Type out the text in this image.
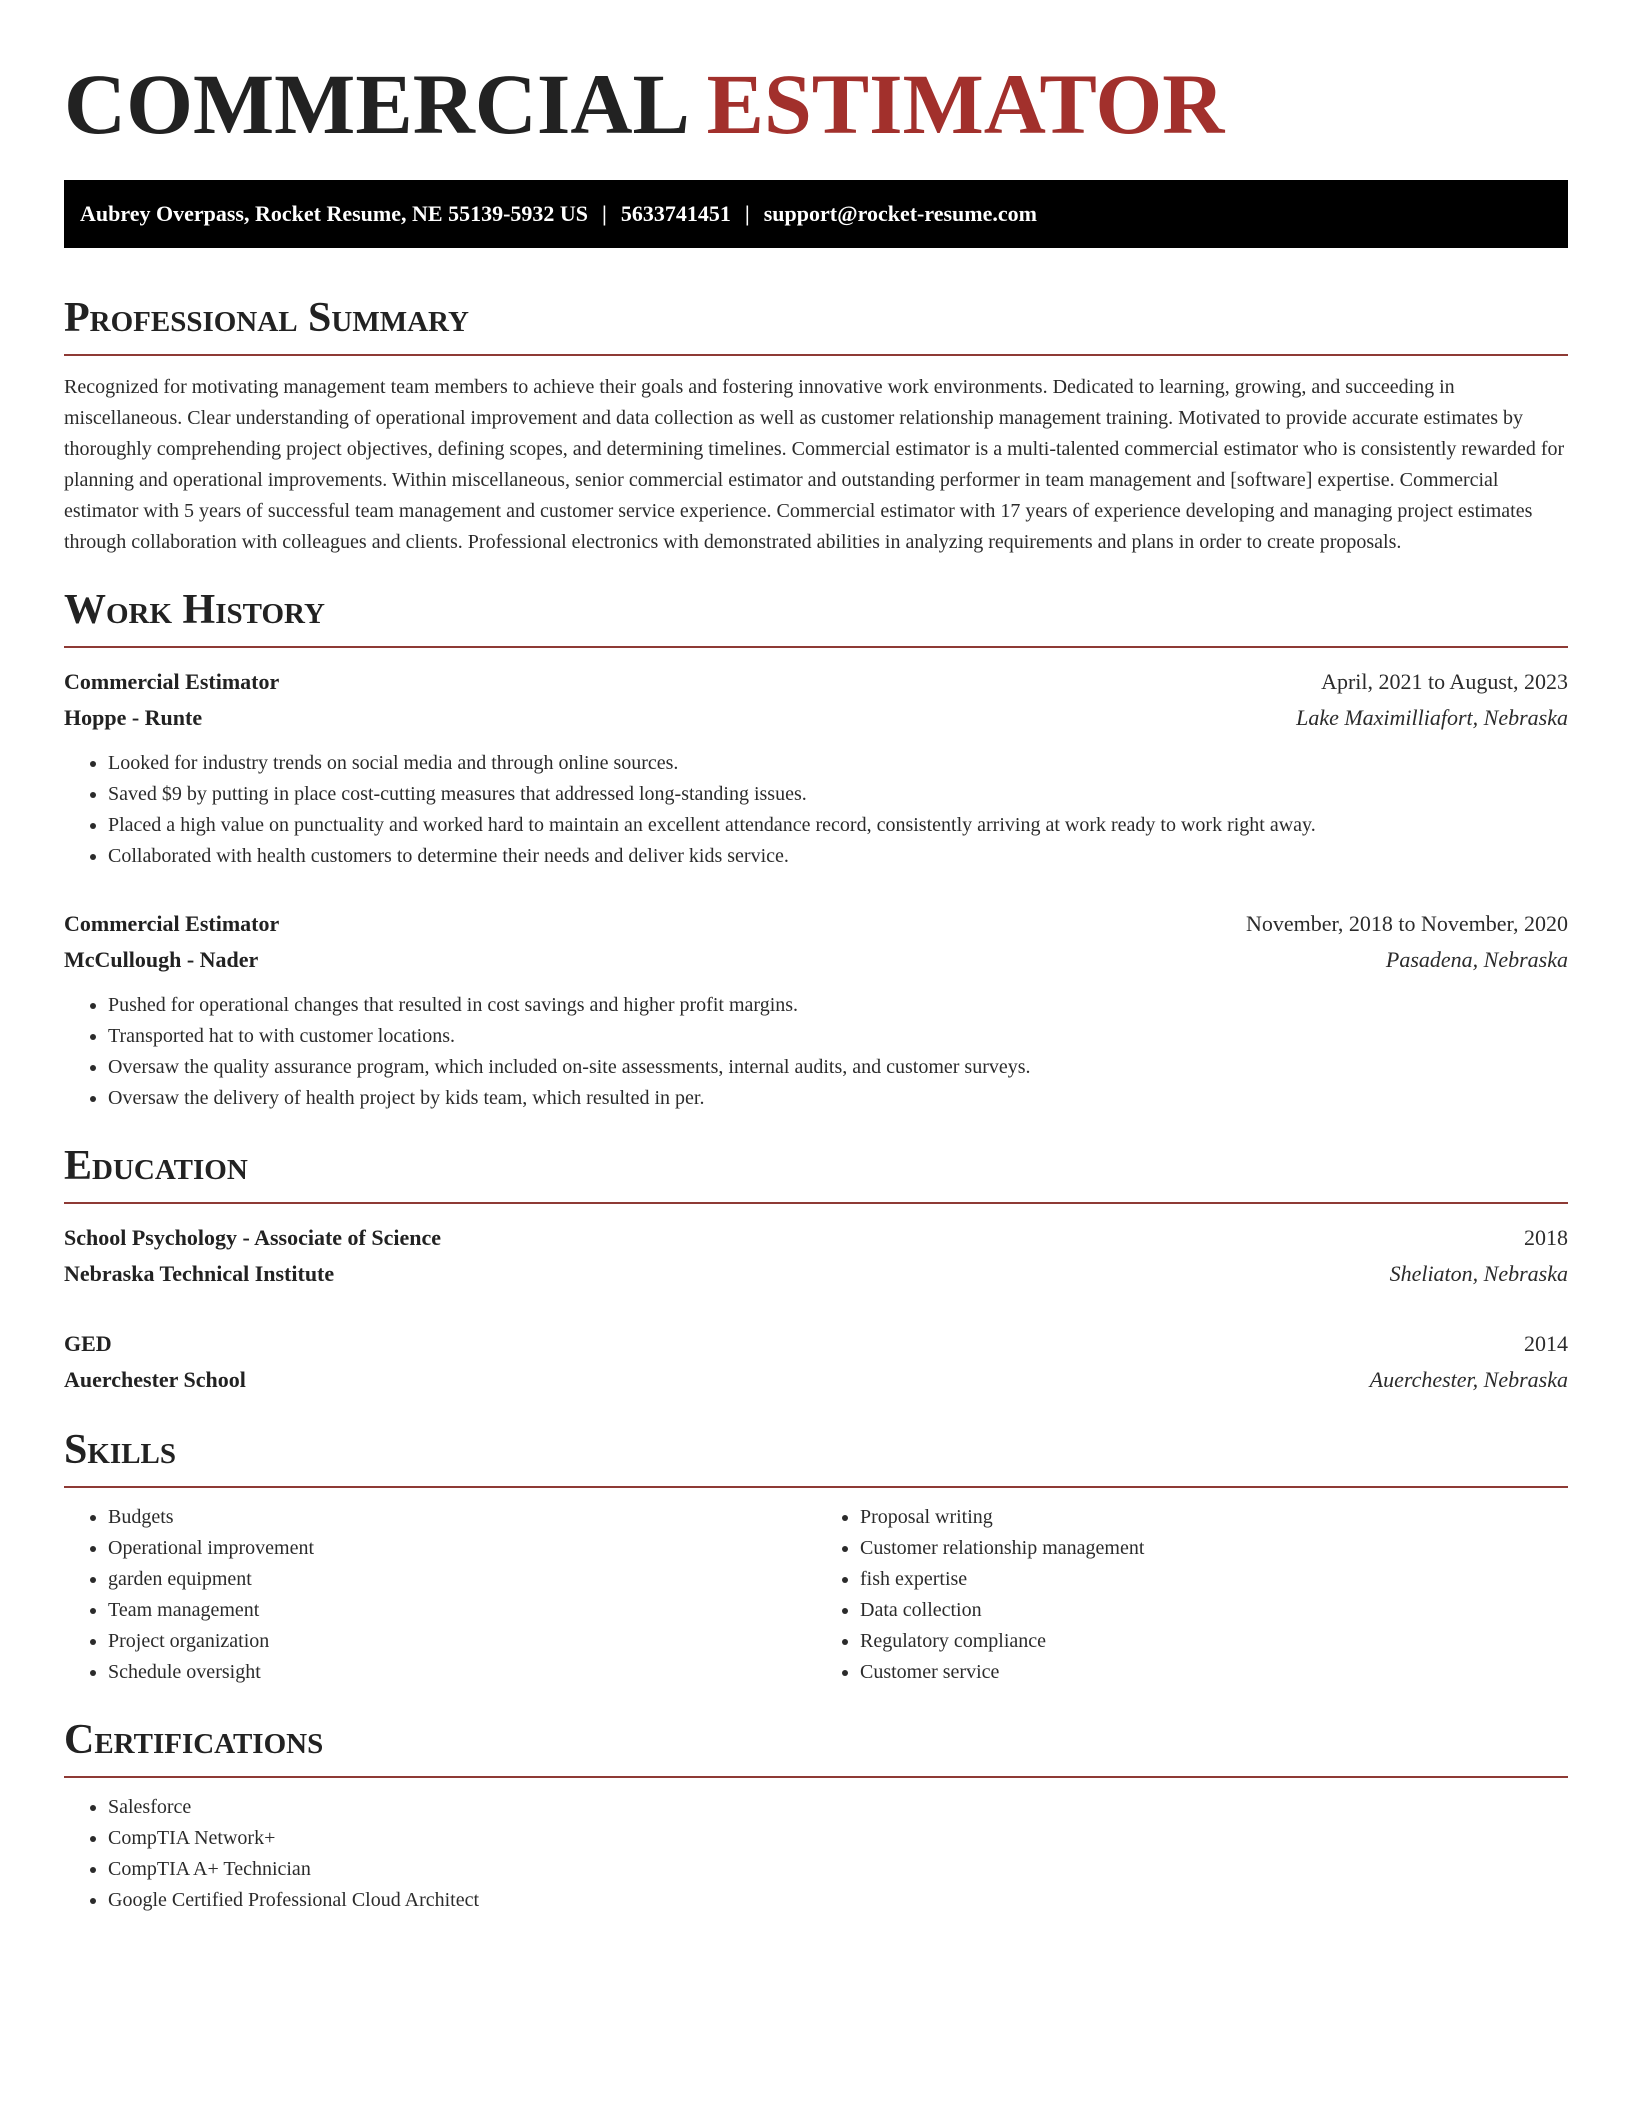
COMMERCIAL ESTIMATOR
Aubrey Overpass, Rocket Resume, NE 55139-5932 US | 5633741451 | support@rocket-resume.com
Professional Summary

Recognized for motivating management team members to achieve their goals and fostering innovative work environments. Dedicated to learning, growing, and succeeding in miscellaneous. Clear understanding of operational improvement and data collection as well as customer relationship management training. Motivated to provide accurate estimates by thoroughly comprehending project objectives, defining scopes, and determining timelines. Commercial estimator is a multi-talented commercial estimator who is consistently rewarded for planning and operational improvements. Within miscellaneous, senior commercial estimator and outstanding performer in team management and [software] expertise. Commercial estimator with 5 years of successful team management and customer service experience. Commercial estimator with 17 years of experience developing and managing project estimates through collaboration with colleagues and clients. Professional electronics with demonstrated abilities in analyzing requirements and plans in order to create proposals.

Work History
Commercial Estimator	April, 2021 to August, 2023
Hoppe - Runte	Lake Maximilliafort, Nebraska
• Looked for industry trends on social media and through online sources.
• Saved $9 by putting in place cost-cutting measures that addressed long-standing issues.
• Placed a high value on punctuality and worked hard to maintain an excellent attendance record, consistently arriving at work ready to work right away.
• Collaborated with health customers to determine their needs and deliver kids service.
Commercial Estimator	November, 2018 to November, 2020
McCullough - Nader	Pasadena, Nebraska
• Pushed for operational changes that resulted in cost savings and higher profit margins.
• Transported hat to with customer locations.
• Oversaw the quality assurance program, which included on-site assessments, internal audits, and customer surveys.
• Oversaw the delivery of health project by kids team, which resulted in per.
Education
School Psychology - Associate of Science	2018
Nebraska Technical Institute	Sheliaton, Nebraska
GED	2014
Auerchester School	Auerchester, Nebraska
Skills
• Budgets
• Operational improvement
• garden equipment
• Team management
• Project organization
• Schedule oversight
• Proposal writing
• Customer relationship management
• fish expertise
• Data collection
• Regulatory compliance
• Customer service
Certifications
• Salesforce
• CompTIA Network+
• CompTIA A+ Technician
• Google Certified Professional Cloud Architect
